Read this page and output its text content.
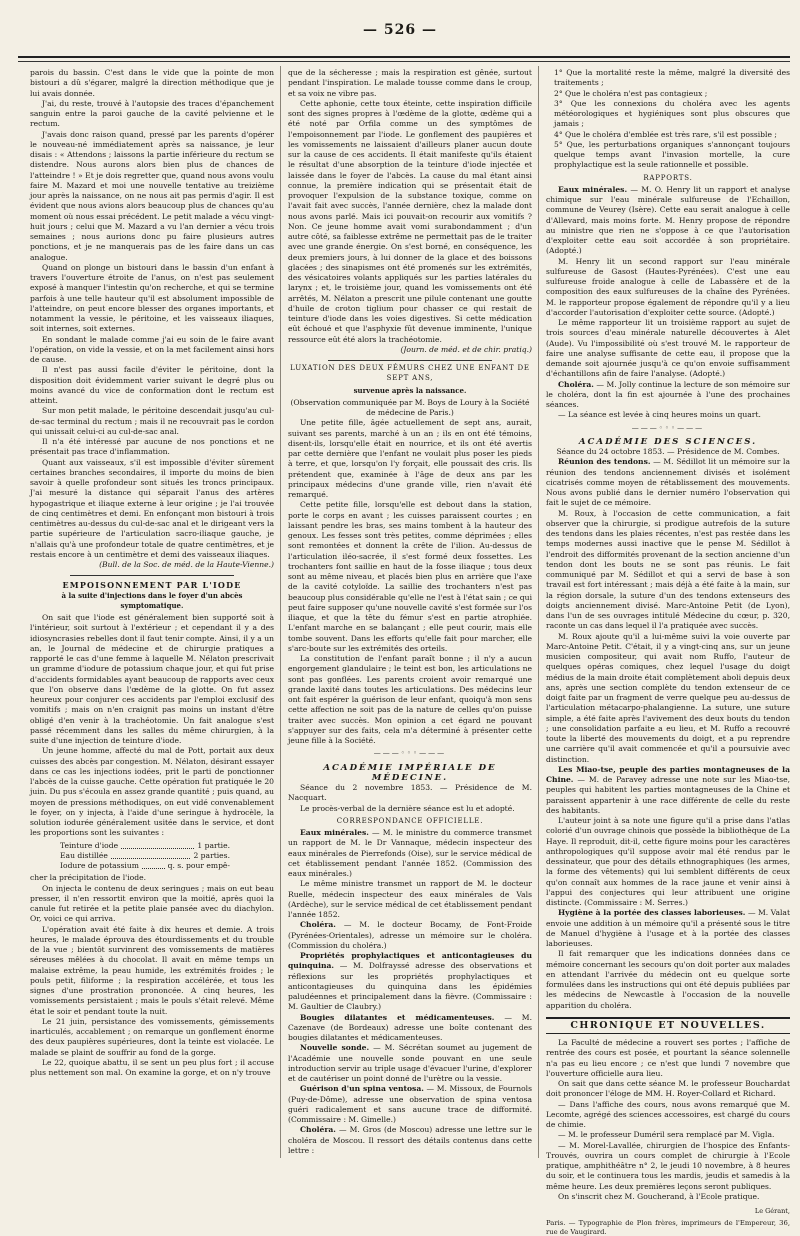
— 526 —

parois du bassin. C'est dans le vide que la pointe de mon bistouri a dû s'égarer, malgré la direction méthodique que je lui avais donnée.

J'ai, du reste, trouvé à l'autopsie des traces d'épanchement sanguin entre la paroi gauche de la cavité pelvienne et le rectum.

J'avais donc raison quand, pressé par les parents d'opérer le nouveau-né immédiatement après sa naissance, je leur disais : « Attendons ; laissons la partie inférieure du rectum se distendre. Nous aurons alors bien plus de chances de l'atteindre ! » Et je dois regretter que, quand nous avons voulu faire M. Mazard et moi une nouvelle tentative au treizième jour après la naissance, on ne nous ait pas permis d'agir. Il est évident que nous avions alors beaucoup plus de chances qu'au moment où nous essai précédent. Le petit malade a vécu vingt-huit jours ; celui que M. Mazard a vu l'an dernier a vécu trois semaines ; nous aurions donc pu faire plusieurs autres ponctions, et je ne manquerais pas de les faire dans un cas analogue.

Quand on plonge un bistouri dans le bassin d'un enfant à travers l'ouverture étroite de l'anus, on n'est pas seulement exposé à manquer l'intestin qu'on recherche, et qui se termine parfois à une telle hauteur qu'il est absolument impossible de l'atteindre, on peut encore blesser des organes importants, et notamment la vessie, le péritoine, et les vaisseaux iliaques, soit internes, soit externes.

En sondant le malade comme j'ai eu soin de le faire avant l'opération, on vide la vessie, et on la met facilement ainsi hors de cause.

Il n'est pas aussi facile d'éviter le péritoine, dont la disposition doit évidemment varier suivant le degré plus ou moins avancé du vice de conformation dont le rectum est atteint.

Sur mon petit malade, le péritoine descendait jusqu'au cul-de-sac terminal du rectum ; mais il ne recouvrait pas le cordon qui unissait celui-ci au cul-de-sac anal.

Il n'a été intéressé par aucune de nos ponctions et ne présentait pas trace d'inflammation.

Quant aux vaisseaux, s'il est impossible d'éviter sûrement certaines branches secondaires, il importe du moins de bien savoir à quelle profondeur sont situés les troncs principaux. J'ai mesuré la distance qui séparait l'anus des artères hypogastrique et iliaque externe à leur origine ; je l'ai trouvée de cinq centimètres et demi. En enfonçant mon bistouri à trois centimètres au-dessus du cul-de-sac anal et le dirigeant vers la partie supérieure de l'articulation sacro-iliaque gauche, je n'allais qu'à une profondeur totale de quatre centimètres, et je restais encore à un centimètre et demi des vaisseaux iliaques.

(Bull. de la Soc. de méd. de la Haute-Vienne.)

EMPOISONNEMENT PAR L'IODE

à la suite d'injections dans le foyer d'un abcès symptomatique.

On sait que l'iode est généralement bien supporté soit à l'intérieur, soit surtout à l'extérieur ; et cependant il y a des idiosyncrasies rebelles dont il faut tenir compte. Ainsi, il y a un an, le Journal de médecine et de chirurgie pratiques a rapporté le cas d'une femme à laquelle M. Nélaton prescrivait un gramme d'iodure de potassium chaque jour, et qui fut prise d'accidents formidables ayant beaucoup de rapports avec ceux que l'on observe dans l'œdème de la glotte. On fut assez heureux pour conjurer ces accidents par l'emploi exclusif des vomitifs ; mais on n'en craignit pas moins un instant d'être obligé d'en venir à la trachéotomie. Un fait analogue s'est passé récemment dans les salles du même chirurgien, à la suite d'une injection de teinture d'iode.

Un jeune homme, affecté du mal de Pott, portait aux deux cuisses des abcès par congestion. M. Nélaton, désirant essayer dans ce cas les injections iodées, prit le parti de ponctionner l'abcès de la cuisse gauche. Cette opération fut pratiquée le 20 juin. Du pus s'écoula en assez grande quantité ; puis quand, au moyen de pressions méthodiques, on eut vidé convenablement le foyer, on y injecta, à l'aide d'une seringue à hydrocèle, la solution iodurée généralement usitée dans le service, et dont les proportions sont les suivantes :

Teinture d'iode	1 partie.
Eau distillée	2 parties.
Iodure de potassium	q. s. pour empê-

cher la précipitation de l'iode.

On injecta le contenu de deux seringues ; mais on eut beau presser, il n'en ressortit environ que la moitié, après quoi la canule fut retirée et la petite plaie pansée avec du diachylon. Or, voici ce qui arriva.

L'opération avait été faite à dix heures et demie. A trois heures, le malade éprouva des étourdissements et du trouble de la vue ; bientôt survinrent des vomissements de matières séreuses mêlées à du chocolat. Il avait en même temps un malaise extrême, la peau humide, les extrémités froides ; le pouls petit, filiforme ; la respiration accélérée, et tous les signes d'une prostration prononcée. A cinq heures, les vomissements persistaient ; mais le pouls s'était relevé. Même état le soir et pendant toute la nuit.

Le 21 juin, persistance des vomissements, gémissements inarticulés, accablement ; on remarque un gonflement énorme des deux paupières supérieures, dont la teinte est violacée. Le malade se plaint de souffrir au fond de la gorge.

Le 22, quoique abattu, il se sent un peu plus fort ; il accuse plus nettement son mal. On examine la gorge, et on n'y trouve

que de la sécheresse ; mais la respiration est gênée, surtout pendant l'inspiration. Le malade tousse comme dans le croup, et sa voix ne vibre pas.

Cette aphonie, cette toux éteinte, cette inspiration difficile sont des signes propres à l'œdème de la glotte, œdème qui a été noté par Orfila comme un des symptômes de l'empoisonnement par l'iode. Le gonflement des paupières et les vomissements ne laissaient d'ailleurs planer aucun doute sur la cause de ces accidents. Il était manifeste qu'ils étaient le résultat d'une absorption de la teinture d'iode injectée et laissée dans le foyer de l'abcès. La cause du mal étant ainsi connue, la première indication qui se présentait était de provoquer l'expulsion de la substance toxique, comme on l'avait fait avec succès, l'année dernière, chez la malade dont nous avons parlé. Mais ici pouvait-on recourir aux vomitifs ? Non. Ce jeune homme avait vomi surabondamment ; d'un autre côté, sa faiblesse extrême ne permettait pas de le traiter avec une grande énergie. On s'est borné, en conséquence, les deux premiers jours, à lui donner de la glace et des boissons glacées ; des sinapismes ont été promenés sur les extrémités, des vésicatoires volants appliqués sur les parties latérales du larynx ; et, le troisième jour, quand les vomissements ont été arrêtés, M. Nélaton a prescrit une pilule contenant une goutte d'huile de croton tiglium pour chasser ce qui restait de teinture d'iode dans les voies digestives. Si cette médication eût échoué et que l'asphyxie fût devenue imminente, l'unique ressource eût été alors la trachéotomie.

(Journ. de méd. et de chir. pratiq.)

LUXATION DES DEUX FÉMURS CHEZ UNE ENFANT DE SEPT ANS,

survenue après la naissance.

(Observation communiquée par M. Boys de Loury à la Société de médecine de Paris.)

Une petite fille, âgée actuellement de sept ans, aurait, suivant ses parents, marché à un an ; ils en ont été témoins, disent-ils, lorsqu'elle était en nourrice, et ils ont été avertis par cette dernière que l'enfant ne voulait plus poser les pieds à terre, et que, lorsqu'on l'y forçait, elle poussait des cris. Ils prétendent que, examinée à l'âge de deux ans par les principaux médecins d'une grande ville, rien n'avait été remarqué.

Cette petite fille, lorsqu'elle est debout dans la station, porte le corps en avant ; les cuisses paraissent courtes ; en laissant pendre les bras, ses mains tombent à la hauteur des genoux. Les fesses sont très petites, comme déprimées ; elles sont remontées et donnent la crête de l'ilion. Au-dessus de l'articulation iléo-sacrée, il s'est formé deux fossettes. Les trochanters font saillie en haut de la fosse iliaque ; tous deux sont au même niveau, et placés bien plus en arrière que l'axe de la cavité cotyloïde. La saillie des trochanters n'est pas beaucoup plus considérable qu'elle ne l'est à l'état sain ; ce qui peut faire supposer qu'une nouvelle cavité s'est formée sur l'os iliaque, et que la tête du fémur s'est en partie atrophiée. L'enfant marche en se balançant ; elle peut courir, mais elle tombe souvent. Dans les efforts qu'elle fait pour marcher, elle s'arc-boute sur les extrémités des orteils.

La constitution de l'enfant paraît bonne ; il n'y a aucun engorgement glandulaire ; le teint est bon, les articulations ne sont pas gonflées. Les parents croient avoir remarqué une grande laxité dans toutes les articulations. Des médecins leur ont fait espérer la guérison de leur enfant, quoiqu'à mon sens cette affection ne soit pas de la nature de celles qu'on puisse traiter avec succès. Mon opinion a cet égard ne pouvant s'appuyer sur des faits, cela m'a déterminé à présenter cette jeune fille à la Société.

———◦◦◦———

ACADÉMIE IMPÉRIALE DE MÉDECINE.

Séance du 2 novembre 1853. — Présidence de M. Nacquart.

Le procès-verbal de la dernière séance est lu et adopté.

CORRESPONDANCE OFFICIELLE.

Eaux minérales. — M. le ministre du commerce transmet un rapport de M. le Dr Vannaque, médecin inspecteur des eaux minérales de Pierrefonds (Oise), sur le service médical de cet établissement pendant l'année 1852. (Commission des eaux minérales.)

Le même ministre transmet un rapport de M. le docteur Ruelle, médecin inspecteur des eaux minérales de Vals (Ardèche), sur le service médical de cet établissement pendant l'année 1852.

Choléra. — M. le docteur Bocamy, de Font-Froide (Pyrénées-Orientales), adresse un mémoire sur le choléra. (Commission du choléra.)

Propriétés prophylactiques et anticontagieuses du quinquina. — M. Dolfrayssé adresse des observations et réflexions sur les propriétés prophylactiques et anticontagieuses du quinquina dans les épidémies paludéennes et principalement dans la fièvre. (Commissaire : M. Gaultier de Claubry.)

Bougies dilatantes et médicamenteuses. — M. Cazenave (de Bordeaux) adresse une boîte contenant des bougies dilatantes et médicamenteuses.

Nouvelle sonde. — M. Sécrétan soumet au jugement de l'Académie une nouvelle sonde pouvant en une seule introduction servir au triple usage d'évacuer l'urine, d'explorer et de cautériser un point donné de l'urètre ou la vessie.

Guérison d'un spina ventosa. — M. Missoux, de Fournols (Puy-de-Dôme), adresse une observation de spina ventosa guéri radicalement et sans aucune trace de difformité. (Commissaire : M. Gimelle.)

Choléra. — M. Gros (de Moscou) adresse une lettre sur le choléra de Moscou. Il ressort des détails contenus dans cette lettre :

1° Que la mortalité reste la même, malgré la diversité des traitements ;

2° Que le choléra n'est pas contagieux ;

3° Que les connexions du choléra avec les agents météorologiques et hygiéniques sont plus obscures que jamais ;

4° Que le choléra d'emblée est très rare, s'il est possible ;

5° Que, les perturbations organiques s'annonçant toujours quelque temps avant l'invasion mortelle, la cure prophylactique est la seule rationnelle et possible.

RAPPORTS.

Eaux minérales. — M. O. Henry lit un rapport et analyse chimique sur l'eau minérale sulfureuse de l'Echaillon, commune de Veurey (Isère). Cette eau serait analogue à celle d'Allevard, mais moins forte. M. Henry propose de répondre au ministre que rien ne s'oppose à ce que l'autorisation d'exploiter cette eau soit accordée à son propriétaire. (Adopté.)

M. Henry lit un second rapport sur l'eau minérale sulfureuse de Gasost (Hautes-Pyrénées). C'est une eau sulfureuse froide analogue à celle de Labassère et de la composition des eaux sulfureuses de la chaîne des Pyrénées. M. le rapporteur propose également de répondre qu'il y a lieu d'accorder l'autorisation d'exploiter cette source. (Adopté.)

Le même rapporteur lit un troisième rapport au sujet de trois sources d'eau minérale naturelle découvertes à Alet (Aude). Vu l'impossibilité où s'est trouvé M. le rapporteur de faire une analyse suffisante de cette eau, il propose que la demande soit ajournée jusqu'à ce qu'on envoie suffisamment d'échantillons afin de faire l'analyse. (Adopté.)

Choléra. — M. Jolly continue la lecture de son mémoire sur le choléra, dont la fin est ajournée à l'une des prochaines séances.

— La séance est levée à cinq heures moins un quart.

———◦◦◦———

ACADÉMIE DES SCIENCES.

Séance du 24 octobre 1853. — Présidence de M. Combes.

Réunion des tendons. — M. Sédillot lit un mémoire sur la réunion des tendons anciennement divisés et isolément cicatrisés comme moyen de rétablissement des mouvements. Nous avons publié dans le dernier numéro l'observation qui fait le sujet de ce mémoire.

M. Roux, à l'occasion de cette communication, a fait observer que la chirurgie, si prodigue autrefois de la suture des tendons dans les plaies récentes, n'est pas restée dans les temps modernes aussi inactive que le pense M. Sédillot à l'endroit des difformités provenant de la section ancienne d'un tendon dont les bouts ne se sont pas réunis. Le fait communiqué par M. Sédillot et qui a servi de base à son travail est fort intéressant ; mais déjà a été faite à la main, sur la région dorsale, la suture d'un des tendons extenseurs des doigts anciennement divisé. Marc-Antoine Petit (de Lyon), dans l'un de ses ouvrages intitulé Médecine du cœur, p. 320, raconte un cas dans lequel il l'a pratiquée avec succès.

M. Roux ajoute qu'il a lui-même suivi la voie ouverte par Marc-Antoine Petit. C'était, il y a vingt-cinq ans, sur un jeune musicien compositeur, qui avait nom Ruffo, l'auteur de quelques opéras comiques, chez lequel l'usage du doigt médius de la main droite était complètement aboli depuis deux ans, après une section complète du tendon extenseur de ce doigt faite par un fragment de verre quelque peu au-dessus de l'articulation métacarpo-phalangienne. La suture, une suture simple, a été faite après l'avivement des deux bouts du tendon ; une consolidation parfaite a eu lieu, et M. Ruffo a recouvré toute la liberté des mouvements du doigt, et a pu reprendre une carrière qu'il avait commencée et qu'il a poursuivie avec distinction.

Les Miao-tse, peuple des parties montagneuses de la Chine. — M. de Paravey adresse une note sur les Miao-tse, peuples qui habitent les parties montagneuses de la Chine et paraissent appartenir à une race différente de celle du reste des habitants.

L'auteur joint à sa note une figure qu'il a prise dans l'atlas colorié d'un ouvrage chinois que possède la bibliothèque de La Haye. Il reproduit, dit-il, cette figure moins pour les caractères anthropologiques qu'il suppose avoir mal été rendus par le dessinateur, que pour des détails ethnographiques (les armes, la forme des vêtements) qui lui semblent différents de ceux qu'on connaît aux hommes de la race jaune et venir ainsi à l'appui des conjectures qui leur attribuent une origine distincte. (Commissaire : M. Serres.)

Hygiène à la portée des classes laborieuses. — M. Valat envoie une addition à un mémoire qu'il a présenté sous le titre de Manuel d'hygiène à l'usage et à la portée des classes laborieuses.

Il fait remarquer que les indications données dans ce mémoire concernant les secours qu'on doit porter aux malades en attendant l'arrivée du médecin ont eu quelque sorte formulées dans les instructions qui ont été depuis publiées par les médecins de Newcastle à l'occasion de la nouvelle apparition du choléra.

CHRONIQUE ET NOUVELLES.

La Faculté de médecine a rouvert ses portes ; l'affiche de rentrée des cours est posée, et pourtant la séance solennelle n'a pas eu lieu encore ; ce n'est que lundi 7 novembre que l'ouverture officielle aura lieu.

On sait que dans cette séance M. le professeur Bouchardat doit prononcer l'éloge de MM. H. Royer-Collard et Richard.

— Dans l'affiche des cours, nous avons remarqué que M. Lecomte, agrégé des sciences accessoires, est chargé du cours de chimie.

— M. le professeur Duméril sera remplacé par M. Vigla.

— M. Morel-Lavallée, chirurgien de l'hospice des Enfants-Trouvés, ouvrira un cours complet de chirurgie à l'Ecole pratique, amphithéâtre n° 2, le jeudi 10 novembre, à 8 heures du soir, et le continuera tous les mardis, jeudis et samedis à la même heure. Les deux premières leçons seront publiques.

On s'inscrit chez M. Goucherand, à l'Ecole pratique.

Le Gérant,

Paris. — Typographie de Plon frères, imprimeurs de l'Empereur, 36, rue de Vaugirard.
